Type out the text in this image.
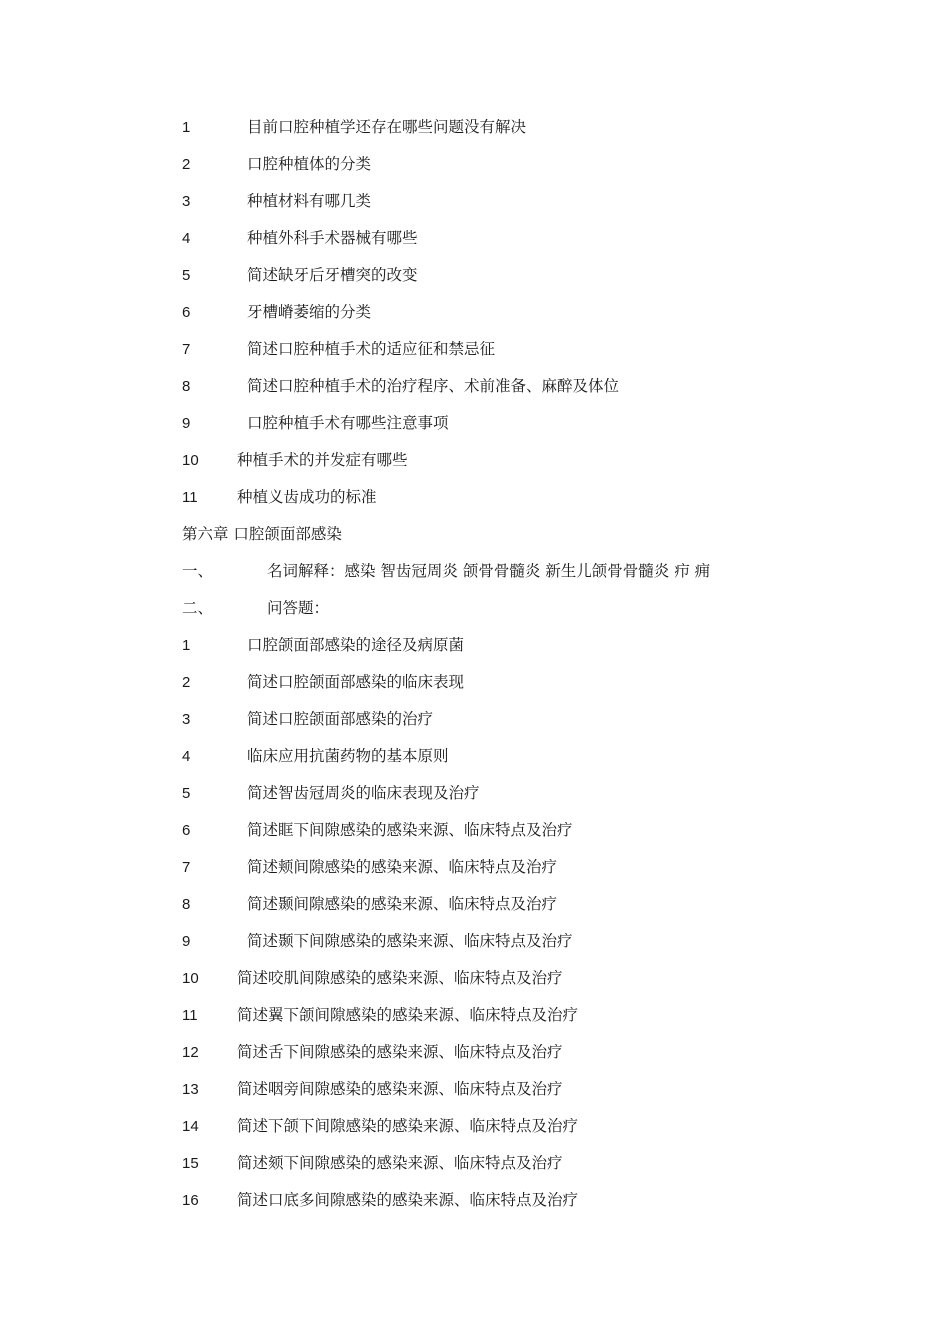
1	目前口腔种植学还存在哪些问题没有解决
2	口腔种植体的分类
3	种植材料有哪几类
4	种植外科手术器械有哪些
5	简述缺牙后牙槽突的改变
6	牙槽嵴萎缩的分类
7	简述口腔种植手术的适应征和禁忌征
8	简述口腔种植手术的治疗程序、术前准备、麻醉及体位
9	口腔种植手术有哪些注意事项
10 种植手术的并发症有哪些
11	种植义齿成功的标准
第六章 口腔颌面部感染
一、	名词解释：感染 智齿冠周炎 颌骨骨髓炎 新生儿颌骨骨髓炎 疖 痈
二、	问答题：
1	口腔颌面部感染的途径及病原菌
2	简述口腔颌面部感染的临床表现
3	简述口腔颌面部感染的治疗
4	临床应用抗菌药物的基本原则
5	简述智齿冠周炎的临床表现及治疗
6	简述眶下间隙感染的感染来源、临床特点及治疗
7	简述颊间隙感染的感染来源、临床特点及治疗
8	简述颞间隙感染的感染来源、临床特点及治疗
9	简述颞下间隙感染的感染来源、临床特点及治疗
10 简述咬肌间隙感染的感染来源、临床特点及治疗
11	简述翼下颌间隙感染的感染来源、临床特点及治疗
12 简述舌下间隙感染的感染来源、临床特点及治疗
13 简述咽旁间隙感染的感染来源、临床特点及治疗
14 简述下颌下间隙感染的感染来源、临床特点及治疗
15 简述颏下间隙感染的感染来源、临床特点及治疗
16 简述口底多间隙感染的感染来源、临床特点及治疗
